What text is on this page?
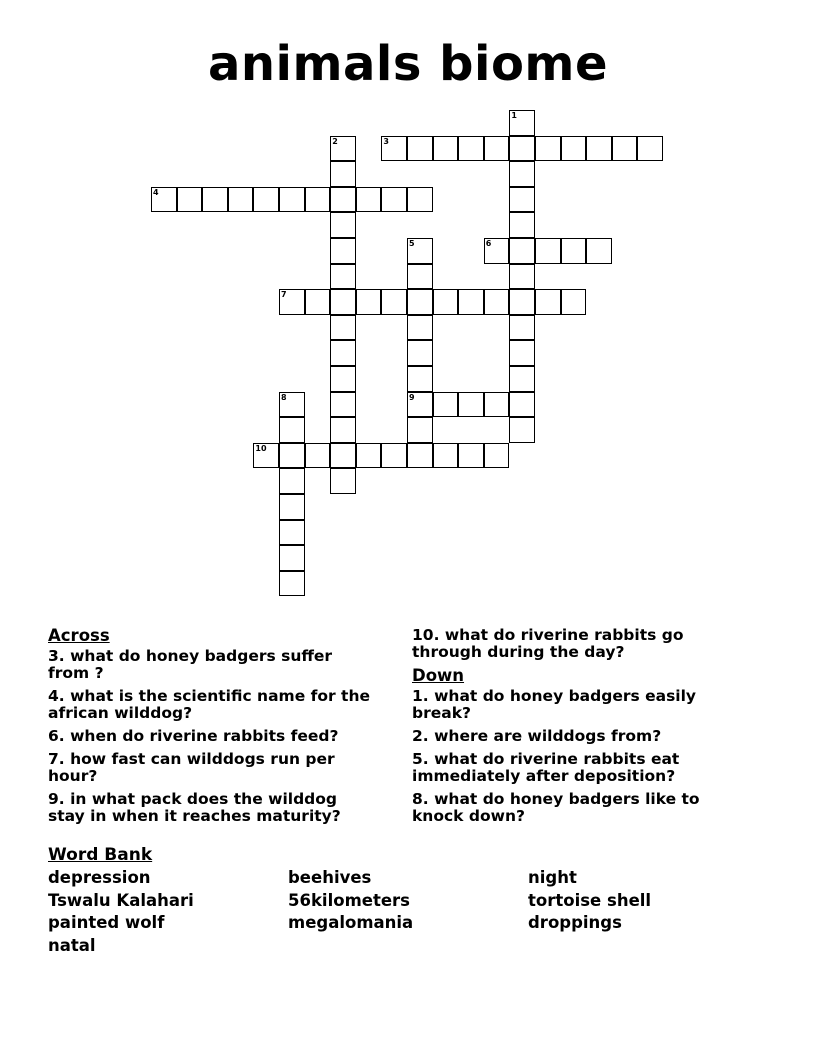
animals biome
1
2	3
4
5	6
7
8	9
10
Across
3. what do honey badgers suffer from ?
4. what is the scientific name for the african wilddog?
6. when do riverine rabbits feed?
7. how fast can wilddogs run per hour?
9. in what pack does the wilddog stay in when it reaches maturity?
10. what do riverine rabbits go through during the day?
Down
1. what do honey badgers easily break?
2. where are wilddogs from?
5. what do riverine rabbits eat immediately after deposition?
8. what do honey badgers like to knock down?
Word Bank
depression	beehives	night
Tswalu Kalahari	56kilometers	tortoise shell
painted wolf	megalomania	droppings
natal
